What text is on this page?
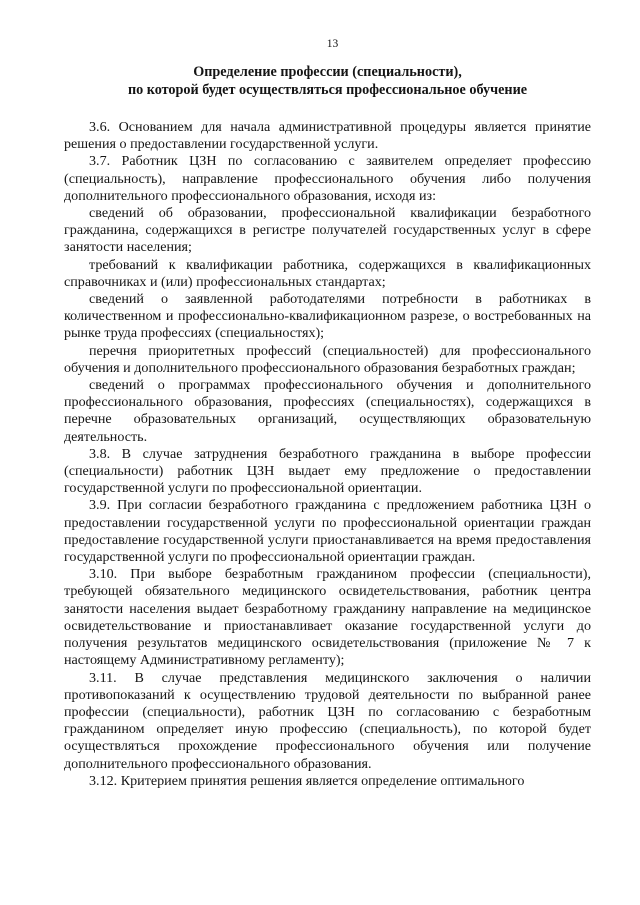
13
Определение профессии (специальности),
по которой будет осуществляться профессиональное обучение

3.6. Основанием для начала административной процедуры является принятие решения о предоставлении государственной услуги.

3.7. Работник ЦЗН по согласованию с заявителем определяет профессию (специальность), направление профессионального обучения либо получения дополнительного профессионального образования, исходя из:

сведений об образовании, профессиональной квалификации безработного гражданина, содержащихся в регистре получателей государственных услуг в сфере занятости населения;

требований к квалификации работника, содержащихся в квалификационных справочниках и (или) профессиональных стандартах;

сведений о заявленной работодателями потребности в работниках в количественном и профессионально-квалификационном разрезе, о востребованных на рынке труда профессиях (специальностях);

перечня приоритетных профессий (специальностей) для профессионального обучения и дополнительного профессионального образования безработных граждан;

сведений о программах профессионального обучения и дополнительного профессионального образования, профессиях (специальностях), содержащихся в перечне образовательных организаций, осуществляющих образовательную деятельность.

3.8. В случае затруднения безработного гражданина в выборе профессии (специальности) работник ЦЗН выдает ему предложение о предоставлении государственной услуги по профессиональной ориентации.

3.9. При согласии безработного гражданина с предложением работника ЦЗН о предоставлении государственной услуги по профессиональной ориентации граждан предоставление государственной услуги приостанавливается на время предоставления государственной услуги по профессиональной ориентации граждан.

3.10. При выборе безработным гражданином профессии (специальности), требующей обязательного медицинского освидетельствования, работник центра занятости населения выдает безработному гражданину направление на медицинское освидетельствование и приостанавливает оказание государственной услуги до получения результатов медицинского освидетельствования (приложение № 7 к настоящему Административному регламенту);

3.11. В случае представления медицинского заключения о наличии противопоказаний к осуществлению трудовой деятельности по выбранной ранее профессии (специальности), работник ЦЗН по согласованию с безработным гражданином определяет иную профессию (специальность), по которой будет осуществляться прохождение профессионального обучения или получение дополнительного профессионального образования.

3.12. Критерием принятия решения является определение оптимального
